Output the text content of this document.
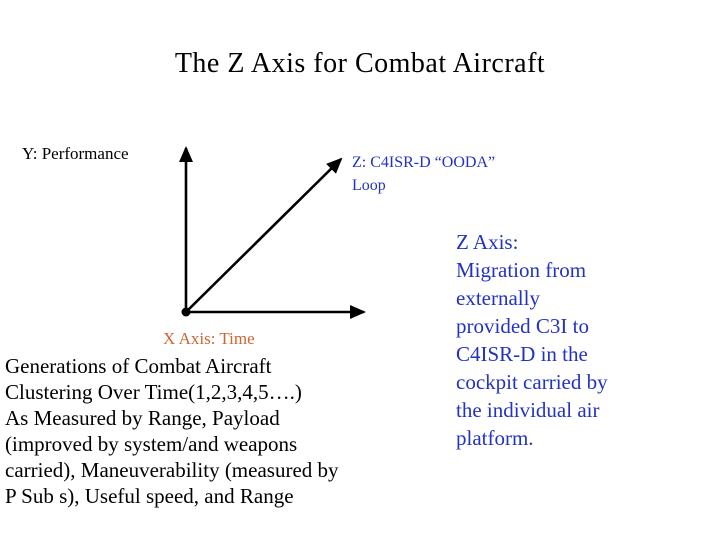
The Z Axis for Combat Aircraft
Y: Performance	Z: C4ISR-D “OODA”
Loop
X Axis: Time
Z Axis:
Migration from
externally
provided C3I to
C4ISR-D in the
cockpit carried by
the individual air
platform.
Generations of Combat Aircraft
Clustering Over Time(1,2,3,4,5….)
As Measured by Range, Payload
(improved by system/and weapons
carried), Maneuverability (measured by
P Sub s), Useful speed, and Range
